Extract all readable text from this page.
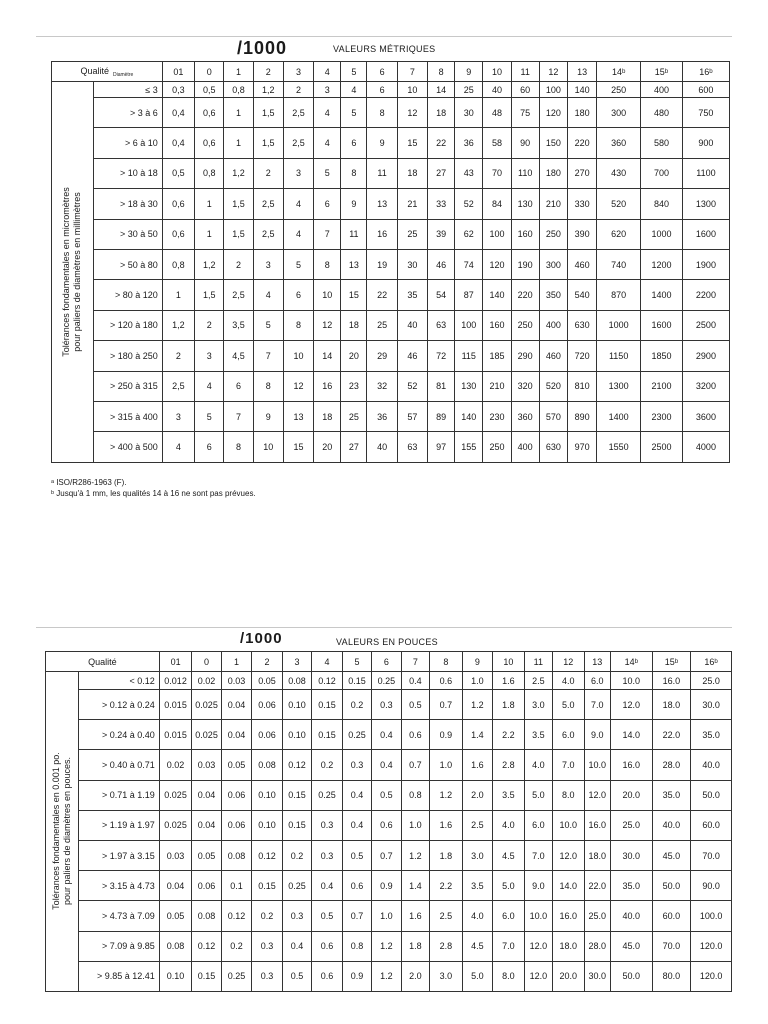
/1000	VALEURS MÉTRIQUES
Qualité $_{Diamètre}$		01	0	1	2	3	4	5	6	7	8	9	10	11	12	13	14ᵇ	15ᵇ	16ᵇ

Tolérances fondamentales en micromètres pour paliers de diamètres en millimètres	≤ 3	0,3	0,5	0,8	1,2	2	3	4	6	10	14	25	40	60	100	140	250	400	600
	> 3 à 6	0,4	0,6	1	1,5	2,5	4	5	8	12	18	30	48	75	120	180	300	480	750
	> 6 à 10	0,4	0,6	1	1,5	2,5	4	6	9	15	22	36	58	90	150	220	360	580	900
	> 10 à 18	0,5	0,8	1,2	2	3	5	8	11	18	27	43	70	110	180	270	430	700	1100
	> 18 à 30	0,6	1	1,5	2,5	4	6	9	13	21	33	52	84	130	210	330	520	840	1300
	> 30 à 50	0,6	1	1,5	2,5	4	7	11	16	25	39	62	100	160	250	390	620	1000	1600
	> 50 à 80	0,8	1,2	2	3	5	8	13	19	30	46	74	120	190	300	460	740	1200	1900
	> 80 à 120	1	1,5	2,5	4	6	10	15	22	35	54	87	140	220	350	540	870	1400	2200
	> 120 à 180	1,2	2	3,5	5	8	12	18	25	40	63	100	160	250	400	630	1000	1600	2500
	> 180 à 250	2	3	4,5	7	10	14	20	29	46	72	115	185	290	460	720	1150	1850	2900
	> 250 à 315	2,5	4	6	8	12	16	23	32	52	81	130	210	320	520	810	1300	2100	3200
	> 315 à 400	3	5	7	9	13	18	25	36	57	89	140	230	360	570	890	1400	2300	3600
	> 400 à 500	4	6	8	10	15	20	27	40	63	97	155	250	400	630	970	1550	2500	4000
ᵃ ISO/R286-1963 (F).
ᵇ Jusqu'à 1 mm, les qualités 14 à 16 ne sont pas prévues.
/1000	VALEURS EN POUCES
Qualité		01	0	1	2	3	4	5	6	7	8	9	10	11	12	13	14ᵇ	15ᵇ	16ᵇ

Tolérances fondamentales en 0.001 po. pour paliers de diamètres en pouces.	< 0.12	0.012	0.02	0.03	0.05	0.08	0.12	0.15	0.25	0.4	0.6	1.0	1.6	2.5	4.0	6.0	10.0	16.0	25.0
	> 0.12 à 0.24	0.015	0.025	0.04	0.06	0.10	0.15	0.2	0.3	0.5	0.7	1.2	1.8	3.0	5.0	7.0	12.0	18.0	30.0
	> 0.24 à 0.40	0.015	0.025	0.04	0.06	0.10	0.15	0.25	0.4	0.6	0.9	1.4	2.2	3.5	6.0	9.0	14.0	22.0	35.0
	> 0.40 à 0.71	0.02	0.03	0.05	0.08	0.12	0.2	0.3	0.4	0.7	1.0	1.6	2.8	4.0	7.0	10.0	16.0	28.0	40.0
	> 0.71 à 1.19	0.025	0.04	0.06	0.10	0.15	0.25	0.4	0.5	0.8	1.2	2.0	3.5	5.0	8.0	12.0	20.0	35.0	50.0
	> 1.19 à 1.97	0.025	0.04	0.06	0.10	0.15	0.3	0.4	0.6	1.0	1.6	2.5	4.0	6.0	10.0	16.0	25.0	40.0	60.0
	> 1.97 à 3.15	0.03	0.05	0.08	0.12	0.2	0.3	0.5	0.7	1.2	1.8	3.0	4.5	7.0	12.0	18.0	30.0	45.0	70.0
	> 3.15 à 4.73	0.04	0.06	0.1	0.15	0.25	0.4	0.6	0.9	1.4	2.2	3.5	5.0	9.0	14.0	22.0	35.0	50.0	90.0
	> 4.73 à 7.09	0.05	0.08	0.12	0.2	0.3	0.5	0.7	1.0	1.6	2.5	4.0	6.0	10.0	16.0	25.0	40.0	60.0	100.0
	> 7.09 à 9.85	0.08	0.12	0.2	0.3	0.4	0.6	0.8	1.2	1.8	2.8	4.5	7.0	12.0	18.0	28.0	45.0	70.0	120.0
	> 9.85 à 12.41	0.10	0.15	0.25	0.3	0.5	0.6	0.9	1.2	2.0	3.0	5.0	8.0	12.0	20.0	30.0	50.0	80.0	120.0
